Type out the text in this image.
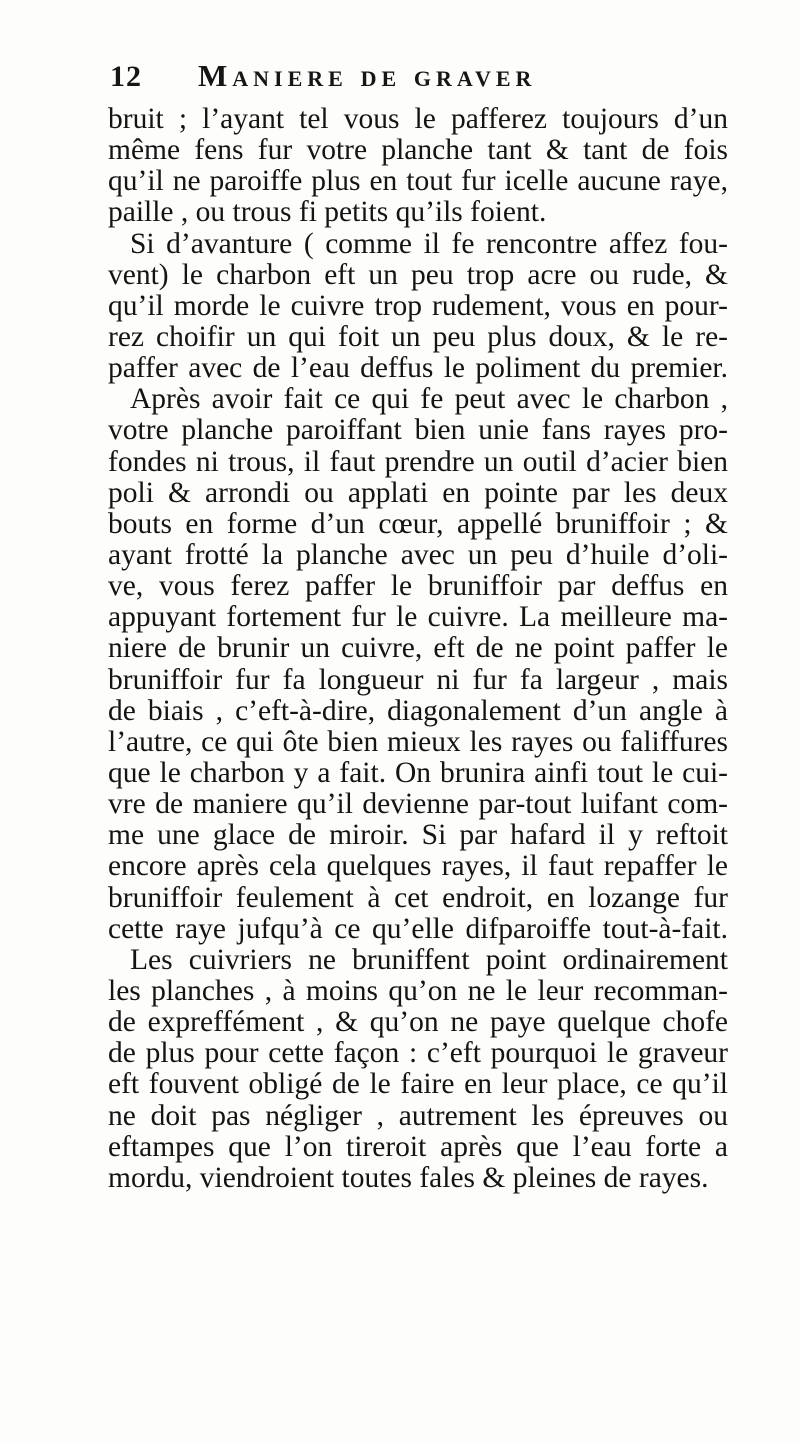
12 Maniere de graver
bruit ; l’ayant tel vous le pafferez toujours d’un
même fens fur votre planche tant & tant de fois
qu’il ne paroiffe plus en tout fur icelle aucune raye,
paille , ou trous fi petits qu’ils foient.
Si d’avanture ( comme il fe rencontre affez fou-
vent) le charbon eft un peu trop acre ou rude, &
qu’il morde le cuivre trop rudement, vous en pour-
rez choifir un qui foit un peu plus doux, & le re-
paffer avec de l’eau deffus le poliment du premier.
Après avoir fait ce qui fe peut avec le charbon ,
votre planche paroiffant bien unie fans rayes pro-
fondes ni trous, il faut prendre un outil d’acier bien
poli & arrondi ou applati en pointe par les deux
bouts en forme d’un cœur, appellé bruniffoir ; &
ayant frotté la planche avec un peu d’huile d’oli-
ve, vous ferez paffer le bruniffoir par deffus en
appuyant fortement fur le cuivre. La meilleure ma-
niere de brunir un cuivre, eft de ne point paffer le
bruniffoir fur fa longueur ni fur fa largeur , mais
de biais , c’eft-à-dire, diagonalement d’un angle à
l’autre, ce qui ôte bien mieux les rayes ou faliffures
que le charbon y a fait. On brunira ainfi tout le cui-
vre de maniere qu’il devienne par-tout luifant com-
me une glace de miroir. Si par hafard il y reftoit
encore après cela quelques rayes, il faut repaffer le
bruniffoir feulement à cet endroit, en lozange fur
cette raye jufqu’à ce qu’elle difparoiffe tout-à-fait.
Les cuivriers ne bruniffent point ordinairement
les planches , à moins qu’on ne le leur recomman-
de expreffément , & qu’on ne paye quelque chofe
de plus pour cette façon : c’eft pourquoi le graveur
eft fouvent obligé de le faire en leur place, ce qu’il
ne doit pas négliger , autrement les épreuves ou
eftampes que l’on tireroit après que l’eau forte a
mordu, viendroient toutes fales & pleines de rayes.
